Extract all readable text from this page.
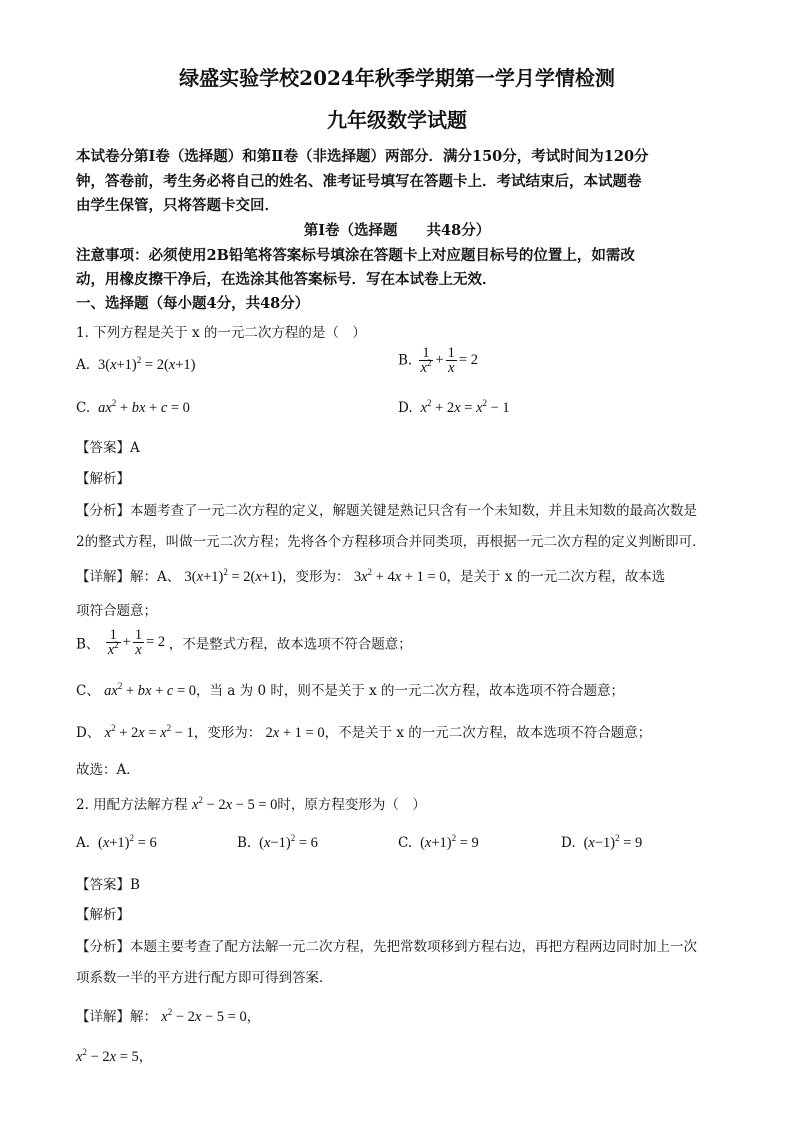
绿盛实验学校2024年秋季学期第一学月学情检测
九年级数学试题
本试卷分第Ⅰ卷（选择题）和第Ⅱ卷（非选择题）两部分．满分150分，考试时间为120分
钟，答卷前，考生务必将自己的姓名、准考证号填写在答题卡上．考试结束后，本试题卷
由学生保管，只将答题卡交回．
第Ⅰ卷（选择题　　共48分）
注意事项：必须使用2B铅笔将答案标号填涂在答题卡上对应题目标号的位置上，如需改
动，用橡皮擦干净后，在选涂其他答案标号．写在本试卷上无效．
一、选择题（每小题4分，共48分）
1. 下列方程是关于 x 的一元二次方程的是（　）
A.  $3(x+1)^2 = 2(x+1)$	B. $\frac{1}{x^2} + \frac{1}{x} = 2$
C. $ax^2$ + bx + c = 0	D. $x^2 + 2x = x^2 - 1$
【答案】A
【解析】
【分析】本题考查了一元二次方程的定义，解题关键是熟记只含有一个未知数，并且未知数的最高次数是
2的整式方程，叫做一元二次方程；先将各个方程移项合并同类项，再根据一元二次方程的定义判断即可．
【详解】解：A、 $3(x+1)^2 = 2(x+1)$，变形为： $3x^2 + 4x + 1 = 0$，是关于 x 的一元二次方程，故本选
项符合题意；
B、 $\frac{1}{x^2} + \frac{1}{x} = 2$ ，不是整式方程，故本选项不符合题意；
C、 $ax^2$ + bx + c = 0，当 a 为 0 时，则不是关于 x 的一元二次方程，故本选项不符合题意；
D、 $x^2 + 2x = x^2 - 1$，变形为： 2x + 1 = 0，不是关于 x 的一元二次方程，故本选项不符合题意；
故选：A．
2. 用配方法解方程 $x^2 - 2x - 5 = 0$时，原方程变形为（　）
A.  $(x+1)^2 = 6$	B.  $(x-1)^2 = 6$	C.  $(x+1)^2 = 9$	D.  $(x-1)^2 = 9$
【答案】B
【解析】
【分析】本题主要考查了配方法解一元二次方程，先把常数项移到方程右边，再把方程两边同时加上一次
项系数一半的平方进行配方即可得到答案．
【详解】解： $x^2 - 2x - 5 = 0$，
$x^2 - 2x = 5$，
